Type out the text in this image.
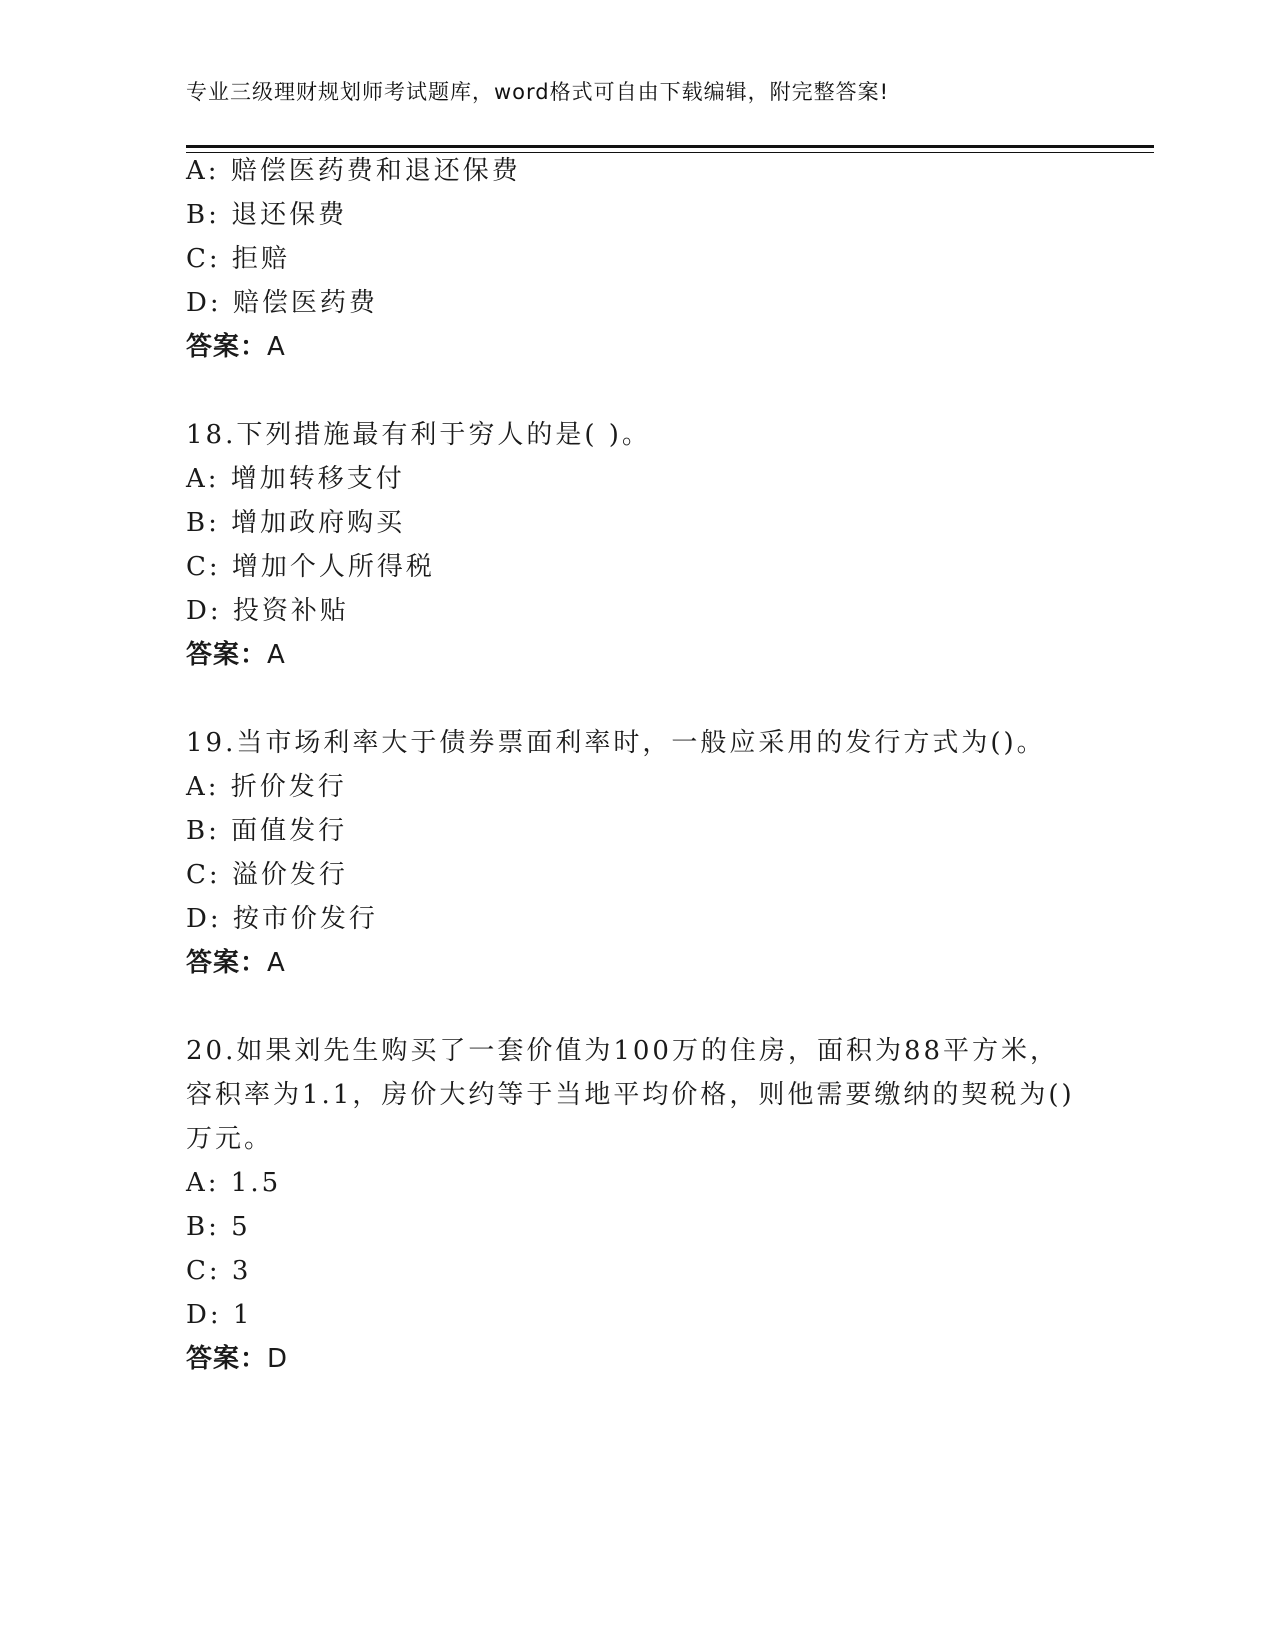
专业三级理财规划师考试题库，word格式可自由下载编辑，附完整答案!
A: 赔偿医药费和退还保费
B: 退还保费
C: 拒赔
D: 赔偿医药费
答案：A
18.下列措施最有利于穷人的是( )。
A: 增加转移支付
B: 增加政府购买
C: 增加个人所得税
D: 投资补贴
答案：A
19.当市场利率大于债券票面利率时，一般应采用的发行方式为()。
A: 折价发行
B: 面值发行
C: 溢价发行
D: 按市价发行
答案：A
20.如果刘先生购买了一套价值为100万的住房，面积为88平方米，
容积率为1.1，房价大约等于当地平均价格，则他需要缴纳的契税为()
万元。
A: 1.5
B: 5
C: 3
D: 1
答案：D
